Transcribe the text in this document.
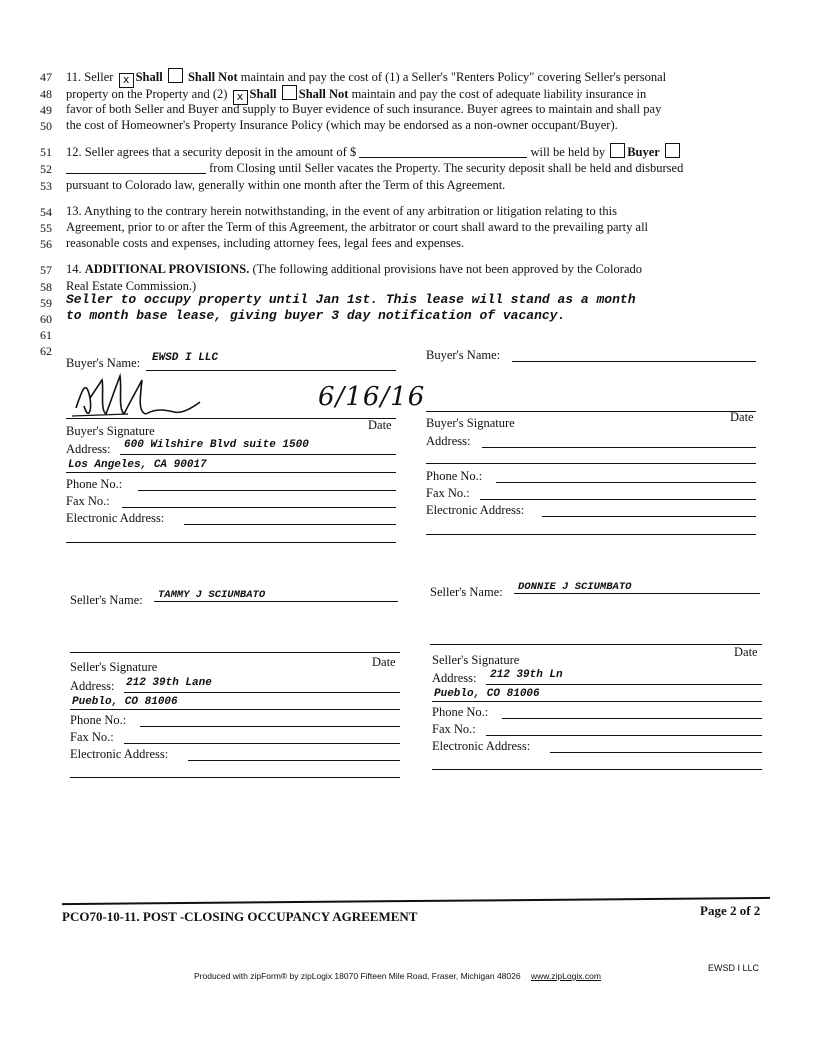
47
48
49
50
51
52
53
54
55
56
57
58
59
60
61
62
11. Seller x Shall Shall Not maintain and pay the cost of (1) a Seller's "Renters Policy" covering Seller's personal
property on the Property and (2) x Shall Shall Not maintain and pay the cost of adequate liability insurance in
favor of both Seller and Buyer and supply to Buyer evidence of such insurance. Buyer agrees to maintain and shall pay
the cost of Homeowner's Property Insurance Policy (which may be endorsed as a non-owner occupant/Buyer).
12. Seller agrees that a security deposit in the amount of $	will be held by Buyer
from Closing until Seller vacates the Property. The security deposit shall be held and disbursed
pursuant to Colorado law, generally within one month after the Term of this Agreement.
13. Anything to the contrary herein notwithstanding, in the event of any arbitration or litigation relating to this
Agreement, prior to or after the Term of this Agreement, the arbitrator or court shall award to the prevailing party all
reasonable costs and expenses, including attorney fees, legal fees and expenses.
14. ADDITIONAL PROVISIONS. (The following additional provisions have not been approved by the Colorado
Real Estate Commission.)
Seller to occupy property until Jan 1st. This lease will stand as a month
to month base lease, giving buyer 3 day notification of vacancy.
Buyer's Name: EWSD I LLC
6/16/16
Buyer's Signature	Date
Address: 600 Wilshire Blvd suite 1500
Los Angeles, CA 90017
Phone No.:
Fax No.:
Electronic Address:
Buyer's Name:
Buyer's Signature	Date
Address:
Phone No.:
Fax No.:
Electronic Address:
Seller's Name: TAMMY J SCIUMBATO
Seller's Signature	Date
Address: 212 39th Lane
Pueblo, CO 81006
Phone No.:
Fax No.:
Electronic Address:
Seller's Name: DONNIE J SCIUMBATO
Seller's Signature
Date
Address: 212 39th Ln
Pueblo, CO 81006
Phone No.:
Fax No.:
Electronic Address:
PCO70-10-11. POST -CLOSING OCCUPANCY AGREEMENT	Page 2 of 2
Produced with zipForm® by zipLogix 18070 Fifteen Mile Road, Fraser, Michigan 48026 www.zipLogix.com
EWSD I LLC
